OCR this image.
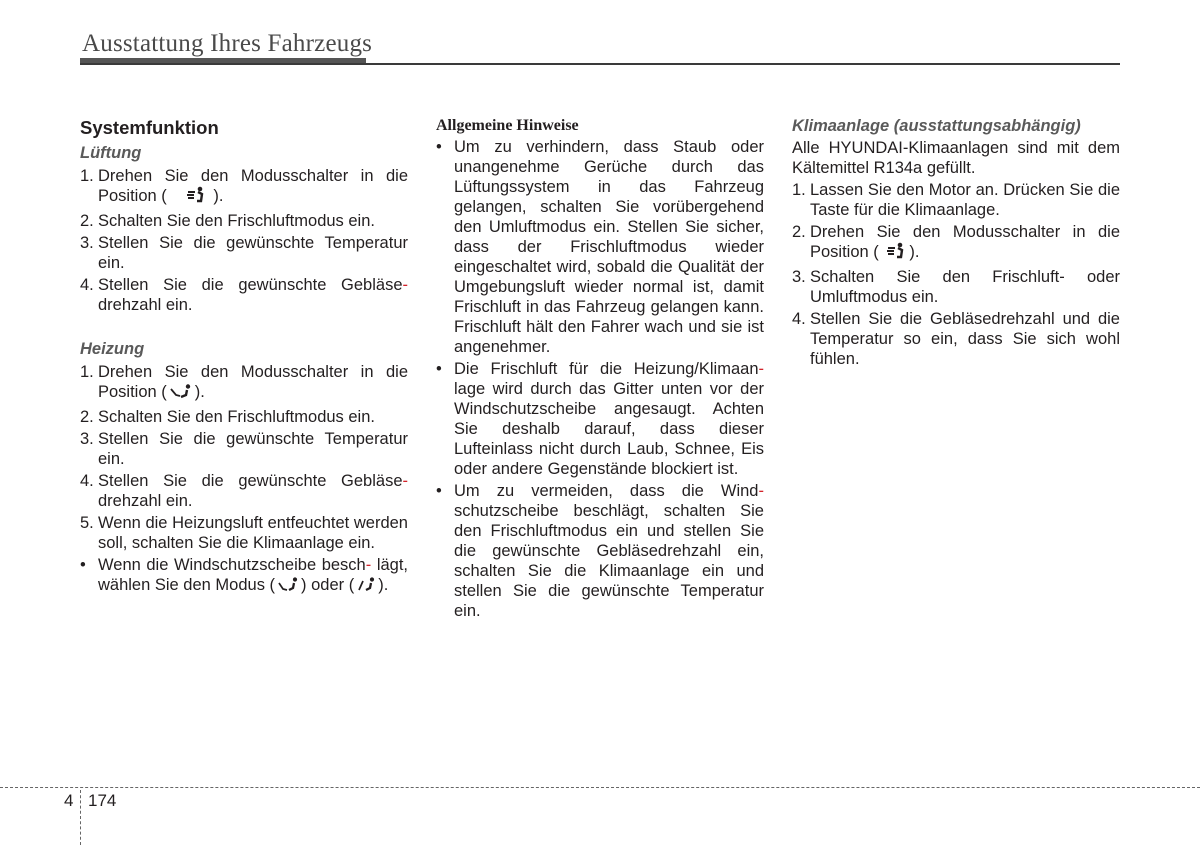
Ausstattung Ihres Fahrzeugs
Systemfunktion
Lüftung
1. Drehen Sie den Modusschalter in die Position (	).
2. Schalten Sie den Frischluftmodus ein.
3. Stellen Sie die gewünschte Temperatur ein.
4. Stellen Sie die gewünschte Gebläse- drehzahl ein.
Heizung
1. Drehen Sie den Modusschalter in die Position ( ).
2. Schalten Sie den Frischluftmodus ein.
3. Stellen Sie die gewünschte Temperatur ein.
4. Stellen Sie die gewünschte Gebläse- drehzahl ein.
5. Wenn die Heizungsluft entfeuchtet werden soll, schalten Sie die Klimaanlage ein.
• Wenn die Windschutzscheibe besch- lägt, wählen Sie den Modus ( ) oder ( ).
Allgemeine Hinweise
• Um zu verhindern, dass Staub oder unangenehme Gerüche durch das Lüftungssystem in das Fahrzeug gelangen, schalten Sie vorübergehend den Umluftmodus ein. Stellen Sie sicher, dass der Frischluftmodus wieder eingeschaltet wird, sobald die Qualität der Umgebungsluft wieder normal ist, damit Frischluft in das Fahrzeug gelangen kann. Frischluft hält den Fahrer wach und sie ist angenehmer.
• Die Frischluft für die Heizung/Klimaan- lage wird durch das Gitter unten vor der Windschutzscheibe angesaugt. Achten Sie deshalb darauf, dass dieser Lufteinlass nicht durch Laub, Schnee, Eis oder andere Gegenstände blockiert ist.
• Um zu vermeiden, dass die Wind- schutzscheibe beschlägt, schalten Sie den Frischluftmodus ein und stellen Sie die gewünschte Gebläsedrehzahl ein, schalten Sie die Klimaanlage ein und stellen Sie die gewünschte Temperatur ein.
Klimaanlage (ausstattungsabhängig)
Alle HYUNDAI-Klimaanlagen sind mit dem Kältemittel R134a gefüllt.
1. Lassen Sie den Motor an. Drücken Sie die Taste für die Klimaanlage.
2. Drehen Sie den Modusschalter in die Position ( ).
3. Schalten Sie den Frischluft- oder Umluftmodus ein.
4. Stellen Sie die Gebläsedrehzahl und die Temperatur so ein, dass Sie sich wohl fühlen.
4 174
